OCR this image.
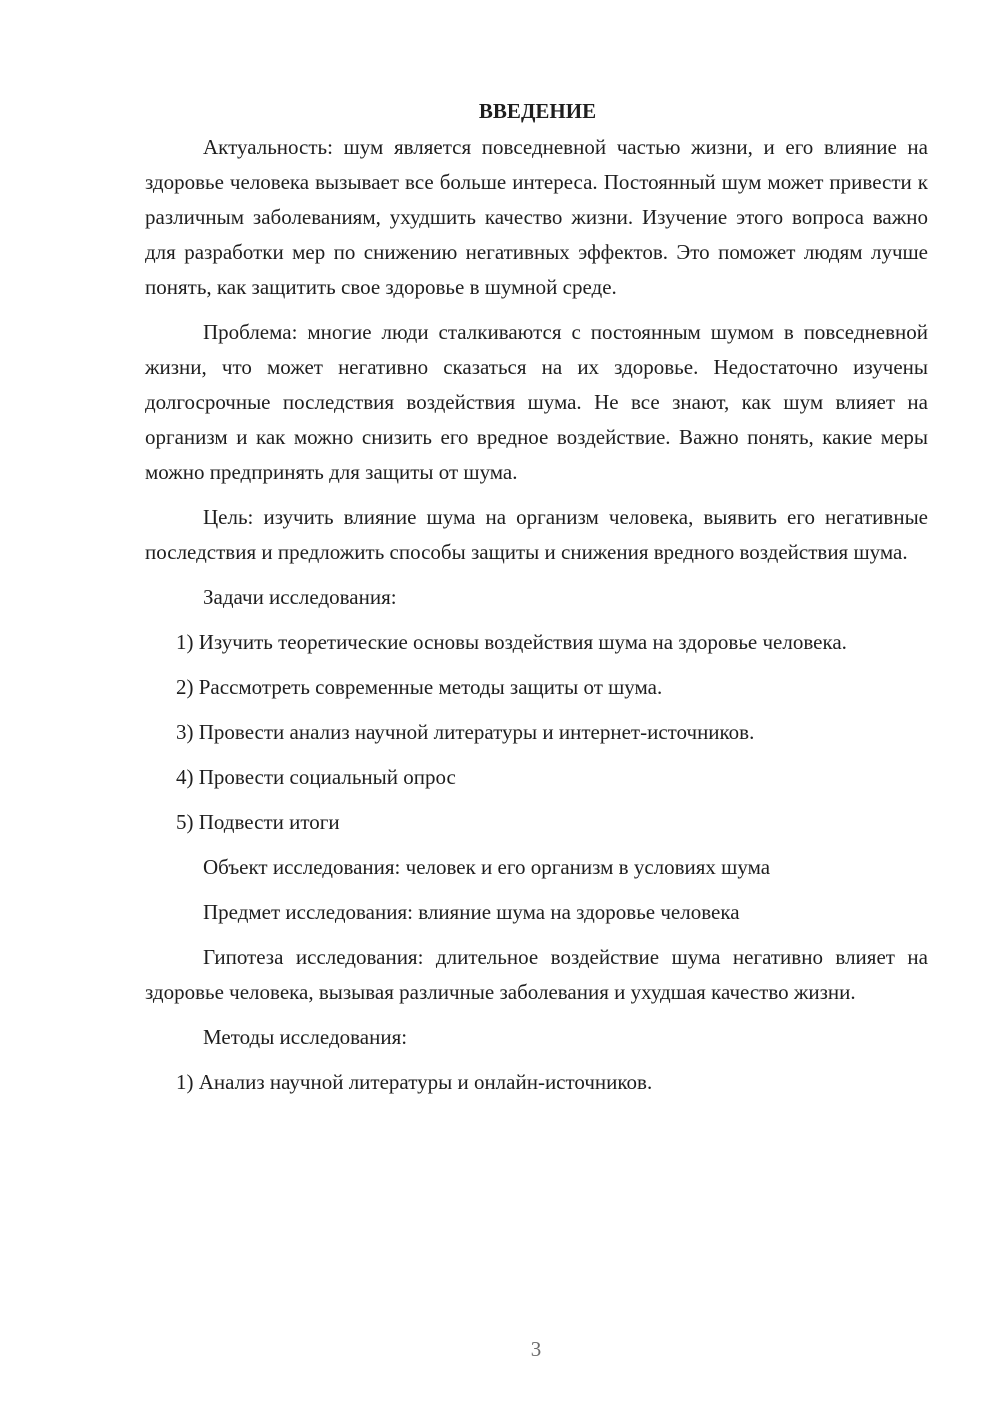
ВВЕДЕНИЕ

Актуальность: шум является повседневной частью жизни, и его влияние на здоровье человека вызывает все больше интереса. Постоянный шум может привести к различным заболеваниям, ухудшить качество жизни. Изучение этого вопроса важно для разработки мер по снижению негативных эффектов. Это поможет людям лучше понять, как защитить свое здоровье в шумной среде.

Проблема: многие люди сталкиваются с постоянным шумом в повседневной жизни, что может негативно сказаться на их здоровье. Недостаточно изучены долгосрочные последствия воздействия шума. Не все знают, как шум влияет на организм и как можно снизить его вредное воздействие. Важно понять, какие меры можно предпринять для защиты от шума.

Цель: изучить влияние шума на организм человека, выявить его негативные последствия и предложить способы защиты и снижения вредного воздействия шума.

Задачи исследования:

1) Изучить теоретические основы воздействия шума на здоровье человека.

2) Рассмотреть современные методы защиты от шума.

3) Провести анализ научной литературы и интернет-источников.

4) Провести социальный опрос

5) Подвести итоги

Объект исследования: человек и его организм в условиях шума

Предмет исследования: влияние шума на здоровье человека

Гипотеза исследования: длительное воздействие шума негативно влияет на здоровье человека, вызывая различные заболевания и ухудшая качество жизни.

Методы исследования:

1) Анализ научной литературы и онлайн-источников.

3
